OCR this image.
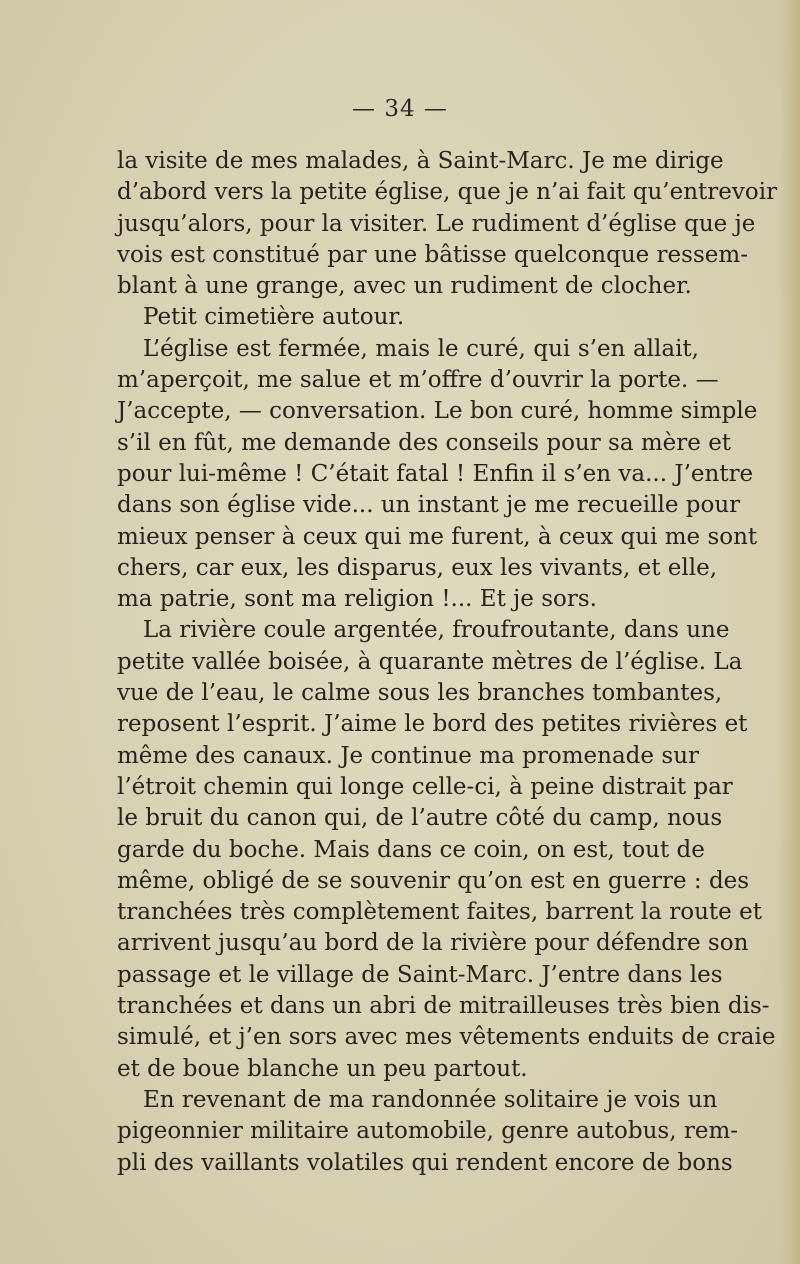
— 34 —
la visite de mes malades, à Saint-Marc. Je me dirige
d’abord vers la petite église, que je n’ai fait qu’entrevoir
jusqu’alors, pour la visiter. Le rudiment d’église que je
vois est constitué par une bâtisse quelconque ressem-
blant à une grange, avec un rudiment de clocher.
Petit cimetière autour.
L’église est fermée, mais le curé, qui s’en allait,
m’aperçoit, me salue et m’offre d’ouvrir la porte. —
J’accepte, — conversation. Le bon curé, homme simple
s’il en fût, me demande des conseils pour sa mère et
pour lui-même ! C’était fatal ! Enfin il s’en va... J’entre
dans son église vide... un instant je me recueille pour
mieux penser à ceux qui me furent, à ceux qui me sont
chers, car eux, les disparus, eux les vivants, et elle,
ma patrie, sont ma religion !... Et je sors.
La rivière coule argentée, froufroutante, dans une
petite vallée boisée, à quarante mètres de l’église. La
vue de l’eau, le calme sous les branches tombantes,
reposent l’esprit. J’aime le bord des petites rivières et
même des canaux. Je continue ma promenade sur
l’étroit chemin qui longe celle-ci, à peine distrait par
le bruit du canon qui, de l’autre côté du camp, nous
garde du boche. Mais dans ce coin, on est, tout de
même, obligé de se souvenir qu’on est en guerre : des
tranchées très complètement faites, barrent la route et
arrivent jusqu’au bord de la rivière pour défendre son
passage et le village de Saint-Marc. J’entre dans les
tranchées et dans un abri de mitrailleuses très bien dis-
simulé, et j’en sors avec mes vêtements enduits de craie
et de boue blanche un peu partout.
En revenant de ma randonnée solitaire je vois un
pigeonnier militaire automobile, genre autobus, rem-
pli des vaillants volatiles qui rendent encore de bons
